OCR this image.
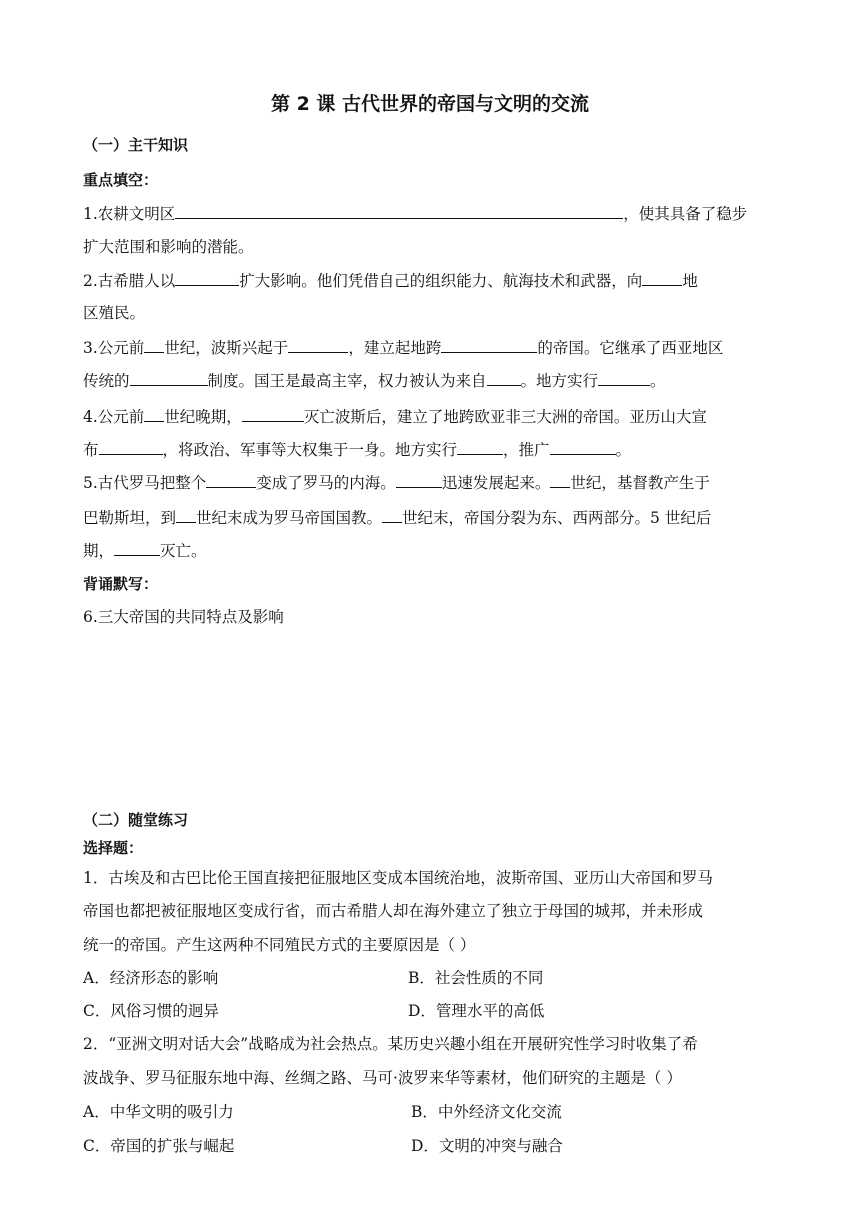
第 2 课 古代世界的帝国与文明的交流
（一）主干知识
重点填空：
1.农耕文明区	，使其具备了稳步
扩大范围和影响的潜能。
2.古希腊人以	扩大影响。他们凭借自己的组织能力、航海技术和武器，向	地
区殖民。
3.公元前 世纪，波斯兴起于	，建立起地跨	的帝国。它继承了西亚地区
传统的	制度。国王是最高主宰，权力被认为来自 。地方实行	。
4.公元前 世纪晚期，	灭亡波斯后，建立了地跨欧亚非三大洲的帝国。亚历山大宣
布	，将政治、军事等大权集于一身。地方实行	，推广	。
5.古代罗马把整个	变成了罗马的内海。	迅速发展起来。 世纪，基督教产生于
巴勒斯坦，到 世纪末成为罗马帝国国教。 世纪末，帝国分裂为东、西两部分。5 世纪后
期，	灭亡。
背诵默写：
6.三大帝国的共同特点及影响
（二）随堂练习
选择题：
1．古埃及和古巴比伦王国直接把征服地区变成本国统治地，波斯帝国、亚历山大帝国和罗马
帝国也都把被征服地区变成行省，而古希腊人却在海外建立了独立于母国的城邦，并未形成
统一的帝国。产生这两种不同殖民方式的主要原因是（ ）
A．经济形态的影响	B．社会性质的不同
C．风俗习惯的迥异	D．管理水平的高低
2．“亚洲文明对话大会”战略成为社会热点。某历史兴趣小组在开展研究性学习时收集了希
波战争、罗马征服东地中海、丝绸之路、马可·波罗来华等素材，他们研究的主题是（ ）
A．中华文明的吸引力	B．中外经济文化交流
C．帝国的扩张与崛起	D．文明的冲突与融合
